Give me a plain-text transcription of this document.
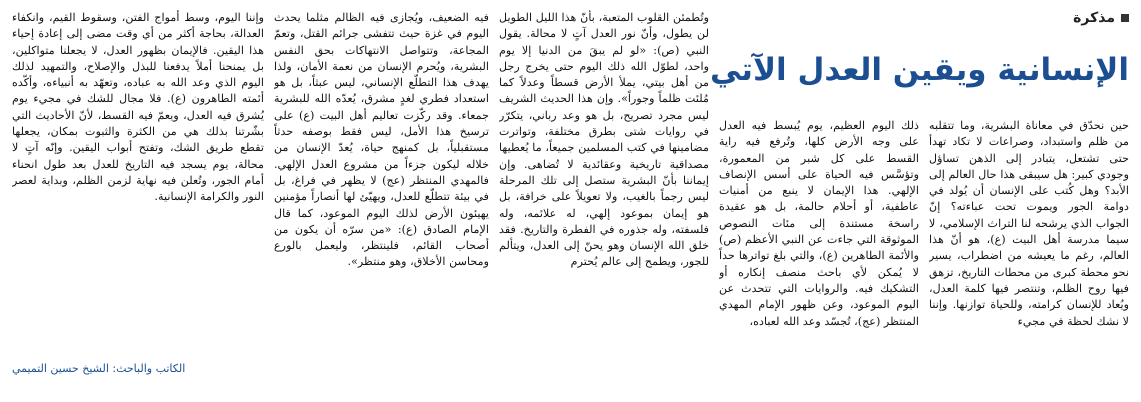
مذكرة
الإنسانية ويقين العدل الآتي

حين نحدّق في معاناة البشرية، وما تتقلبه من ظلم واستبداد، وصراعات لا تكاد تهدأ حتى تشتعل، يتبادر إلى الذهن تساؤل وجودي كبير: هل سيبقى هذا حال العالم إلى الأبد؟ وهل كُتب على الإنسان أن يُولد في دوامة الجور ويموت تحت عباءته؟ إنّ الجواب الذي يرشحه لنا التراث الإسلامي، لا سيما مدرسة أهل البيت (ع)، هو أنّ هذا العالم، رغم ما يعيشه من اضطراب، يسير نحو محطة كبرى من محطات التاريخ، تزهق فيها روح الظلم، وتنتصر فيها كلمة العدل، ويُعاد للإنسان كرامته، وللحياة توازنها. وإننا لا نشك لحظة في مجيء

ذلك اليوم العظيم، يوم يُبسط فيه العدل على وجه الأرض كلها، وتُرفع فيه راية القسط على كل شبر من المعمورة، وتؤسَّس فيه الحياة على أسس الإنصاف الإلهي. هذا الإيمان لا ينبع من أمنيات عاطفية، أو أحلام حالمة، بل هو عقيدة راسخة مستندة إلى مئات النصوص الموثوقة التي جاءت عن النبي الأعظم (ص) والأئمة الطاهرين (ع)، والتي بلغ تواترها حداً لا يُمكن لأي باحث منصف إنكاره أو التشكيك فيه. والروايات التي تتحدث عن اليوم الموعود، وعن ظهور الإمام المهدي المنتظر (عج)، تُجسّد وعد الله لعباده،

وتُطمئن القلوب المتعبة، بأنّ هذا الليل الطويل لن يطول، وأنّ نور العدل آتٍ لا محالة. يقول النبي (ص): «لو لم يبقَ من الدنيا إلا يوم واحد، لطوّل الله ذلك اليوم حتى يخرج رجل من أهل بيتي، يملأ الأرض قسطاً وعدلاً كما مُلئت ظلماً وجوراً». وإن هذا الحديث الشريف ليس مجرد تصريح، بل هو وعد رباني، يتكرّر في روايات شتى بطرق مختلفة، وتواترت مضامينها في كتب المسلمين جميعاً، ما يُعطيها مصداقية تاريخية وعقائدية لا تُضاهى. وإن إيماننا بأنّ البشرية ستصل إلى تلك المرحلة ليس رجماً بالغيب، ولا تعويلاً على خرافة، بل هو إيمان بموعود إلهي، له علائمه، وله فلسفته، وله جذوره في الفطرة والتاريخ. فقد خلق الله الإنسان وهو يحنّ إلى العدل، ويتألم للجور، ويطمح إلى عالم يُحترم

فيه الضعيف، ويُجازى فيه الظالم مثلما يحدث اليوم في غزة حيث تتفشى جرائم القتل، وتعمّ المجاعة، وتتواصل الانتهاكات بحق النفس البشرية، ويُحرم الإنسان من نعمة الأمان، ولذا يهدف هذا التطلّع الإنساني، ليس عبثاً، بل هو استعداد فطري لغدٍ مشرق، يُعدّه الله للبشرية جمعاء. وقد ركّزت تعاليم أهل البيت (ع) على ترسيخ هذا الأمل، ليس فقط بوصفه حدثاً مستقبلياً، بل كمنهج حياة، يُعدّ الإنسان من خلاله ليكون جزءاً من مشروع العدل الإلهي. فالمهدي المنتظر (عج) لا يظهر في فراغ، بل في بيئة تتطلّع للعدل، ويهيّئ لها أنصاراً مؤمنين يهيئون الأرض لذلك اليوم الموعود، كما قال الإمام الصادق (ع): «من سرّه أن يكون من أصحاب القائم، فلينتظر، وليعمل بالورع ومحاسن الأخلاق، وهو منتظر».

وإننا اليوم، وسط أمواج الفتن، وسقوط القيم، وانكفاء العدالة، بحاجة أكثر من أي وقت مضى إلى إعادة إحياء هذا اليقين. فالإيمان بظهور العدل، لا يجعلنا متواكلين، بل يمنحنا أملاً يدفعنا للبذل والإصلاح، والتمهيد لذلك اليوم الذي وعد الله به عباده، وتعهّد به أنبياءه، وأكّده أئمته الطاهرون (ع). فلا مجال للشك في مجيء يوم يُشرق فيه العدل، ويعمّ فيه القسط، لأنّ الأحاديث التي بشّرتنا بذلك هي من الكثرة والثبوت بمكان، يجعلها تقطع طريق الشك، وتفتح أبواب اليقين. وإنّه آتٍ لا محالة، يوم يسجد فيه التاريخ للعدل بعد طول انحناء أمام الجور، وتُعلن فيه نهاية لزمن الظلم، وبداية لعصر النور والكرامة الإنسانية.

الكاتب والباحث: الشيخ حسين التميمي
